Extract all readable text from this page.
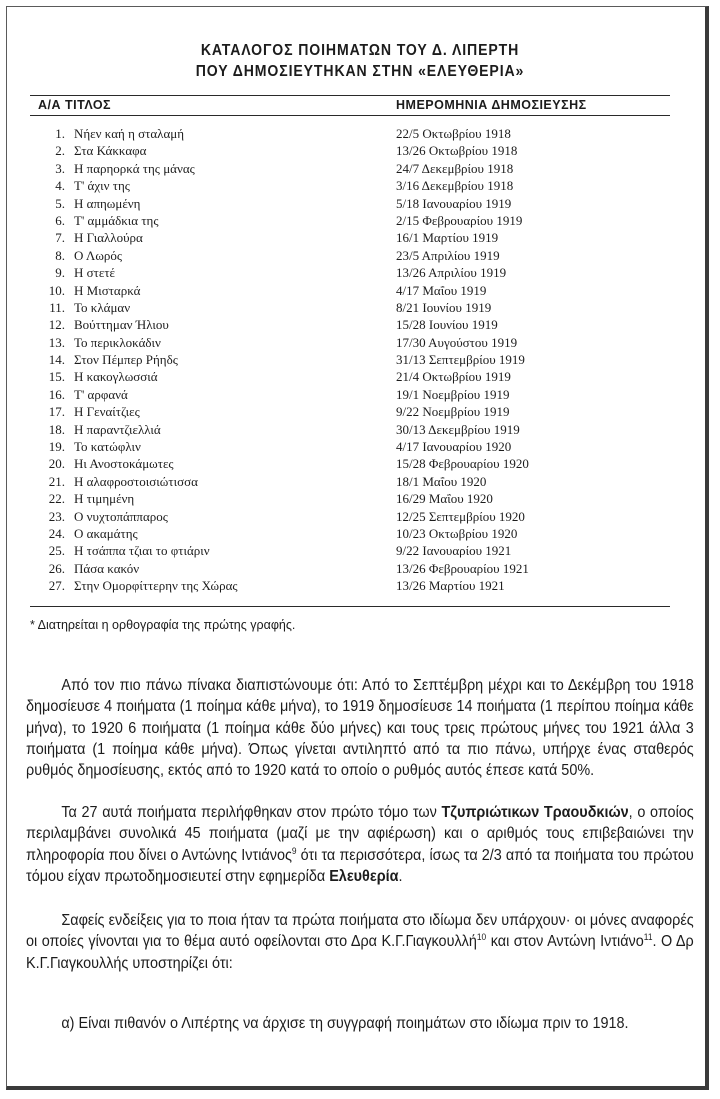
ΚΑΤΑΛΟΓΟΣ ΠΟΙΗΜΑΤΩΝ ΤΟΥ Δ. ΛΙΠΕΡΤΗ
ΠΟΥ ΔΗΜΟΣΙΕΥΤΗΚΑΝ ΣΤΗΝ «ΕΛΕΥΘΕΡΙΑ»
Α/Α ΤΙΤΛΟΣ	ΗΜΕΡΟΜΗΝΙΑ ΔΗΜΟΣΙΕΥΣΗΣ
1. Νήεν καή η σταλαμή	22/5 Οκτωβρίου 1918
2. Στα Κάκκαφα	13/26 Οκτωβρίου 1918
3. Η παρηορκά της μάνας	24/7 Δεκεμβρίου 1918
4. Τ' άχιν της	3/16 Δεκεμβρίου 1918
5. Η απηωμένη	5/18 Ιανουαρίου 1919
6. Τ' αμμάδκια της	2/15 Φεβρουαρίου 1919
7. Η Γιαλλούρα	16/1 Μαρτίου 1919
8. Ο Λωρός	23/5 Απριλίου 1919
9. Η στετέ	13/26 Απριλίου 1919
10. Η Μισταρκά	4/17 Μαΐου 1919
11. Το κλάμαν	8/21 Ιουνίου 1919
12. Βούττημαν Ήλιου	15/28 Ιουνίου 1919
13. Το περικλοκάδιν	17/30 Αυγούστου 1919
14. Στον Πέμπερ Ρήηδς	31/13 Σεπτεμβρίου 1919
15. Η κακογλωσσιά	21/4 Οκτωβρίου 1919
16. Τ' αρφανά	19/1 Νοεμβρίου 1919
17. Η Γεναίτζιες	9/22 Νοεμβρίου 1919
18. Η παραντζιελλιά	30/13 Δεκεμβρίου 1919
19. Το κατώφλιν	4/17 Ιανουαρίου 1920
20. Ηι Ανοστοκάμωτες	15/28 Φεβρουαρίου 1920
21. Η αλαφροστοισιώτισσα	18/1 Μαΐου 1920
22. Η τιμημένη	16/29 Μαΐου 1920
23. Ο νυχτοπάππαρος	12/25 Σεπτεμβρίου 1920
24. Ο ακαμάτης	10/23 Οκτωβρίου 1920
25. Η τσάππα τζιαι το φτιάριν	9/22 Ιανουαρίου 1921
26. Πάσα κακόν	13/26 Φεβρουαρίου 1921
27. Στην Ομορφίττερην της Χώρας	13/26 Μαρτίου 1921
* Διατηρείται η ορθογραφία της πρώτης γραφής.

Από τον πιο πάνω πίνακα διαπιστώνουμε ότι: Από το Σεπτέμβρη μέχρι και το Δεκέμβρη του 1918 δημοσίευσε 4 ποιήματα (1 ποίημα κάθε μήνα), το 1919 δημοσίευσε 14 ποιήματα (1 περίπου ποίημα κάθε μήνα), το 1920 6 ποιήματα (1 ποίημα κάθε δύο μήνες) και τους τρεις πρώτους μήνες του 1921 άλλα 3 ποιήματα (1 ποίημα κάθε μήνα). Όπως γίνεται αντιληπτό από τα πιο πάνω, υπήρχε ένας σταθερός ρυθμός δημοσίευσης, εκτός από το 1920 κατά το οποίο ο ρυθμός αυτός έπεσε κατά 50%.

Τα 27 αυτά ποιήματα περιλήφθηκαν στον πρώτο τόμο των Τζυπριώτικων Τραουδκιών, ο οποίος περιλαμβάνει συνολικά 45 ποιήματα (μαζί με την αφιέρωση) και ο αριθμός τους επιβεβαιώνει την πληροφορία που δίνει ο Αντώνης Ιντιάνος$^9$ ότι τα περισσότερα, ίσως τα 2/3 από τα ποιήματα του πρώτου τόμου είχαν πρωτοδημοσιευτεί στην εφημερίδα Ελευθερία.

Σαφείς ενδείξεις για το ποια ήταν τα πρώτα ποιήματα στο ιδίωμα δεν υπάρχουν· οι μόνες αναφορές οι οποίες γίνονται για το θέμα αυτό οφείλονται στο Δρα Κ.Γ.Γιαγκουλλή$^{10}$ και στον Αντώνη Ιντιάνο$^{11}$. Ο Δρ Κ.Γ.Γιαγκουλλής υποστηρίζει ότι:

α) Είναι πιθανόν ο Λιπέρτης να άρχισε τη συγγραφή ποιημάτων στο ιδίωμα πριν το 1918.
